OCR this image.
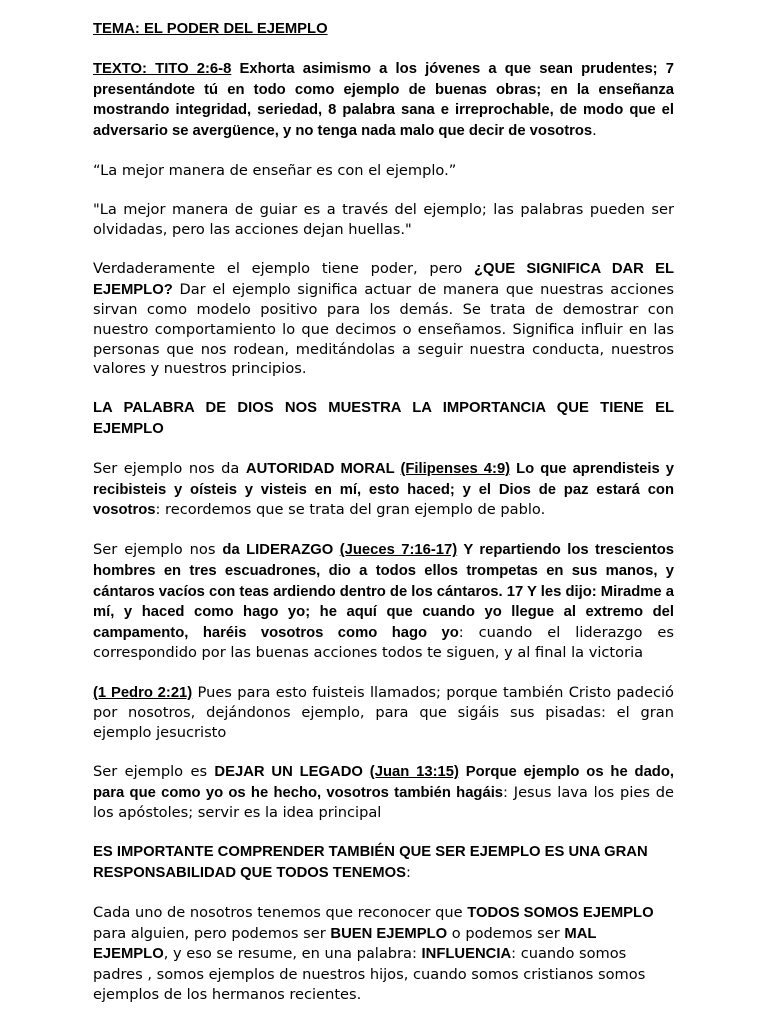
TEMA: EL PODER DEL EJEMPLO

TEXTO: TITO 2:6-8 Exhorta asimismo a los jóvenes a que sean prudentes; 7 presentándote tú en todo como ejemplo de buenas obras; en la enseñanza mostrando integridad, seriedad, 8 palabra sana e irreprochable, de modo que el adversario se avergüence, y no tenga nada malo que decir de vosotros.

“La mejor manera de enseñar es con el ejemplo.”

"La mejor manera de guiar es a través del ejemplo; las palabras pueden ser olvidadas, pero las acciones dejan huellas."

Verdaderamente el ejemplo tiene poder, pero ¿QUE SIGNIFICA DAR EL EJEMPLO? Dar el ejemplo significa actuar de manera que nuestras acciones sirvan como modelo positivo para los demás. Se trata de demostrar con nuestro comportamiento lo que decimos o enseñamos. Significa influir en las personas que nos rodean, meditándolas a seguir nuestra conducta, nuestros valores y nuestros principios.

LA PALABRA DE DIOS NOS MUESTRA LA IMPORTANCIA QUE TIENE EL EJEMPLO

Ser ejemplo nos da AUTORIDAD MORAL (Filipenses 4:9) Lo que aprendisteis y recibisteis y oísteis y visteis en mí, esto haced; y el Dios de paz estará con vosotros: recordemos que se trata del gran ejemplo de pablo.

Ser ejemplo nos da LIDERAZGO (Jueces 7:16-17) Y repartiendo los trescientos hombres en tres escuadrones, dio a todos ellos trompetas en sus manos, y cántaros vacíos con teas ardiendo dentro de los cántaros. 17 Y les dijo: Miradme a mí, y haced como hago yo; he aquí que cuando yo llegue al extremo del campamento, haréis vosotros como hago yo: cuando el liderazgo es correspondido por las buenas acciones todos te siguen, y al final la victoria

(1 Pedro 2:21) Pues para esto fuisteis llamados; porque también Cristo padeció por nosotros, dejándonos ejemplo, para que sigáis sus pisadas: el gran ejemplo jesucristo

Ser ejemplo es DEJAR UN LEGADO (Juan 13:15) Porque ejemplo os he dado, para que como yo os he hecho, vosotros también hagáis: Jesus lava los pies de los apóstoles; servir es la idea principal

ES IMPORTANTE COMPRENDER TAMBIÉN QUE SER EJEMPLO ES UNA GRAN RESPONSABILIDAD QUE TODOS TENEMOS:

Cada uno de nosotros tenemos que reconocer que TODOS SOMOS EJEMPLO para alguien, pero podemos ser BUEN EJEMPLO o podemos ser MAL EJEMPLO, y eso se resume, en una palabra: INFLUENCIA: cuando somos padres , somos ejemplos de nuestros hijos, cuando somos cristianos somos ejemplos de los hermanos recientes.
